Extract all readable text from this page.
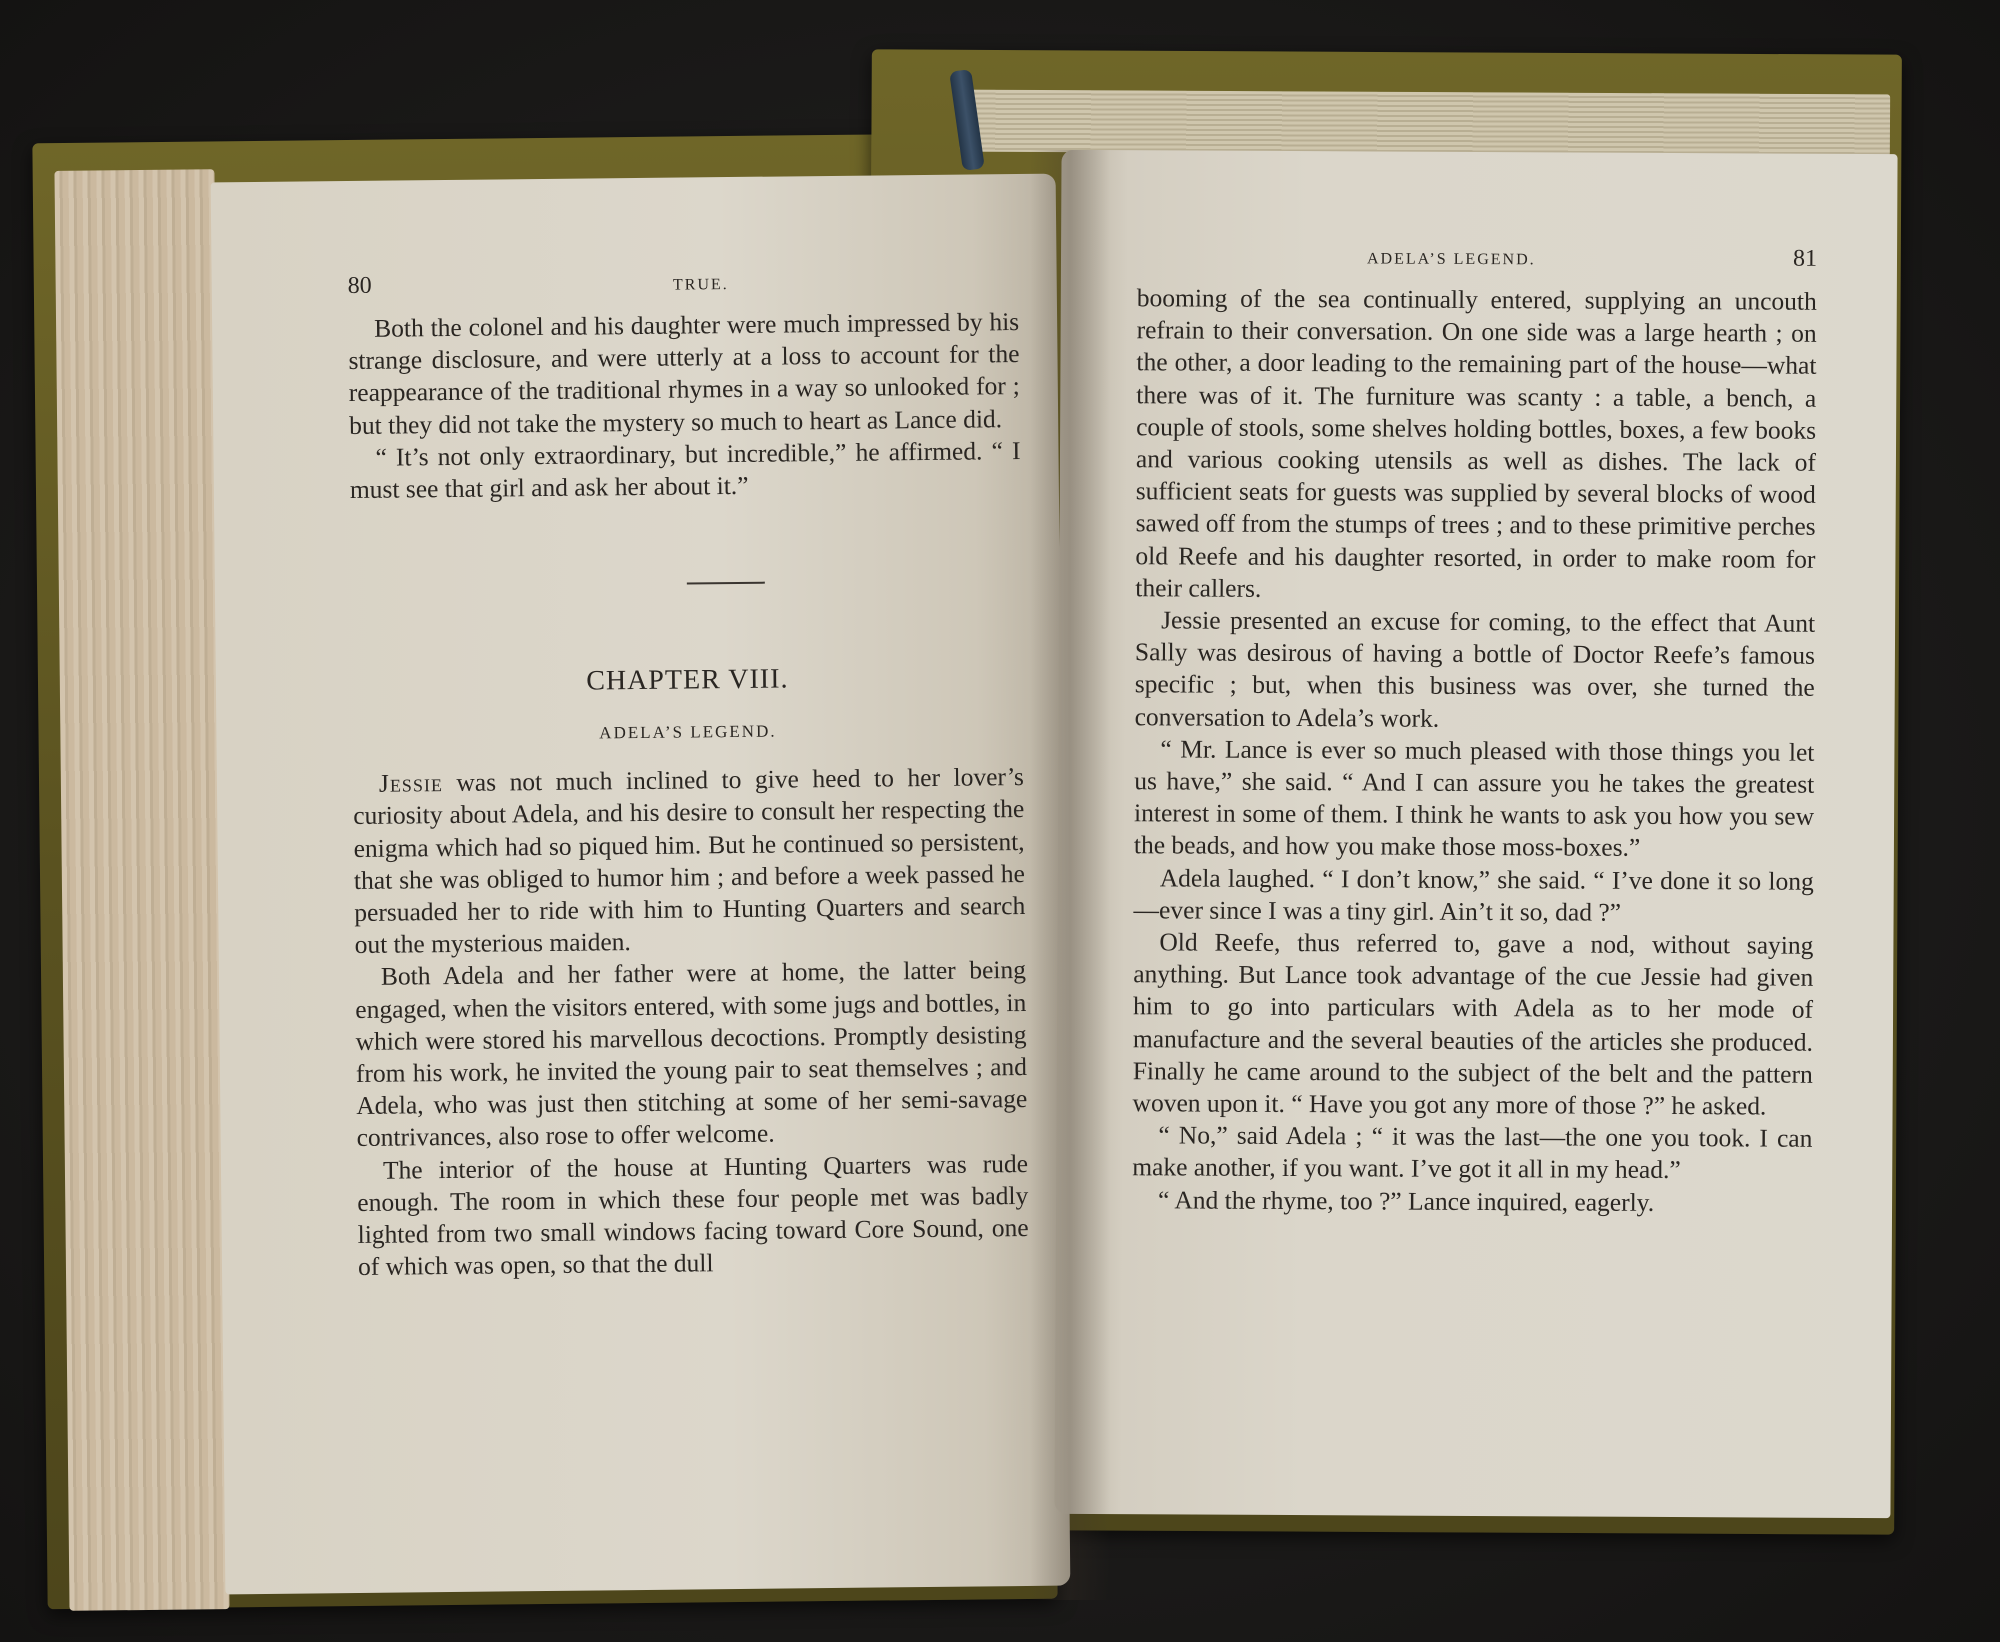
80	TRUE.

Both the colonel and his daughter were much impressed by his strange disclosure, and were utterly at a loss to account for the reappearance of the traditional rhymes in a way so unlooked for ; but they did not take the mystery so much to heart as Lance did.

“ It’s not only extraordinary, but incredible,” he affirmed. “ I must see that girl and ask her about it.”

CHAPTER VIII.

ADELA’S LEGEND.

Jessie was not much inclined to give heed to her lover’s curiosity about Adela, and his desire to consult her respecting the enigma which had so piqued him. But he continued so persistent, that she was obliged to humor him ; and before a week passed he persuaded her to ride with him to Hunting Quarters and search out the mysterious maiden.

Both Adela and her father were at home, the latter being engaged, when the visitors entered, with some jugs and bottles, in which were stored his marvellous decoctions. Promptly desisting from his work, he invited the young pair to seat themselves ; and Adela, who was just then stitching at some of her semi-savage contrivances, also rose to offer welcome.

The interior of the house at Hunting Quarters was rude enough. The room in which these four people met was badly lighted from two small windows facing toward Core Sound, one of which was open, so that the dull

ADELA’S LEGEND.	81

booming of the sea continually entered, supplying an uncouth refrain to their conversation. On one side was a large hearth ; on the other, a door leading to the remaining part of the house—what there was of it. The furniture was scanty : a table, a bench, a couple of stools, some shelves holding bottles, boxes, a few books and various cooking utensils as well as dishes. The lack of sufficient seats for guests was supplied by several blocks of wood sawed off from the stumps of trees ; and to these primitive perches old Reefe and his daughter resorted, in order to make room for their callers.

Jessie presented an excuse for coming, to the effect that Aunt Sally was desirous of having a bottle of Doctor Reefe’s famous specific ; but, when this business was over, she turned the conversation to Adela’s work.

“ Mr. Lance is ever so much pleased with those things you let us have,” she said. “ And I can assure you he takes the greatest interest in some of them. I think he wants to ask you how you sew the beads, and how you make those moss-boxes.”

Adela laughed. “ I don’t know,” she said. “ I’ve done it so long—ever since I was a tiny girl. Ain’t it so, dad ?”

Old Reefe, thus referred to, gave a nod, without saying anything. But Lance took advantage of the cue Jessie had given him to go into particulars with Adela as to her mode of manufacture and the several beauties of the articles she produced. Finally he came around to the subject of the belt and the pattern woven upon it. “ Have you got any more of those ?” he asked.

“ No,” said Adela ; “ it was the last—the one you took. I can make another, if you want. I’ve got it all in my head.”

“ And the rhyme, too ?” Lance inquired, eagerly.
